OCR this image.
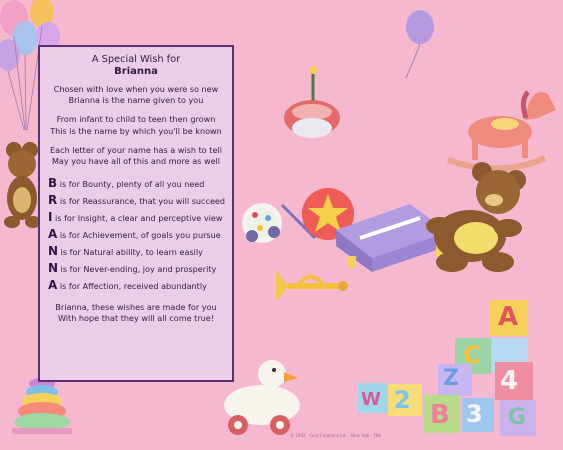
A
C
Z 4
W 2 B 3 G
A Special Wish for
Brianna
Chosen with love when you were so new
Brianna is the name given to you
From infant to child to teen then grown
This is the name by which you'll be known
Each letter of your name has a wish to tell
May you have all of this and more as well
B is for Bounty, plenty of all you need
R is for Reassurance, that you will succeed
I is for Insight, a clear and perceptive view
A is for Achievement, of goals you pursue
N is for Natural ability, to learn easily
N is for Never-ending, joy and prosperity
A is for Affection, received abundantly
Brianna, these wishes are made for you
With hope that they will all come true!
© 1993 · Card Creations Inc. · New York · 796
